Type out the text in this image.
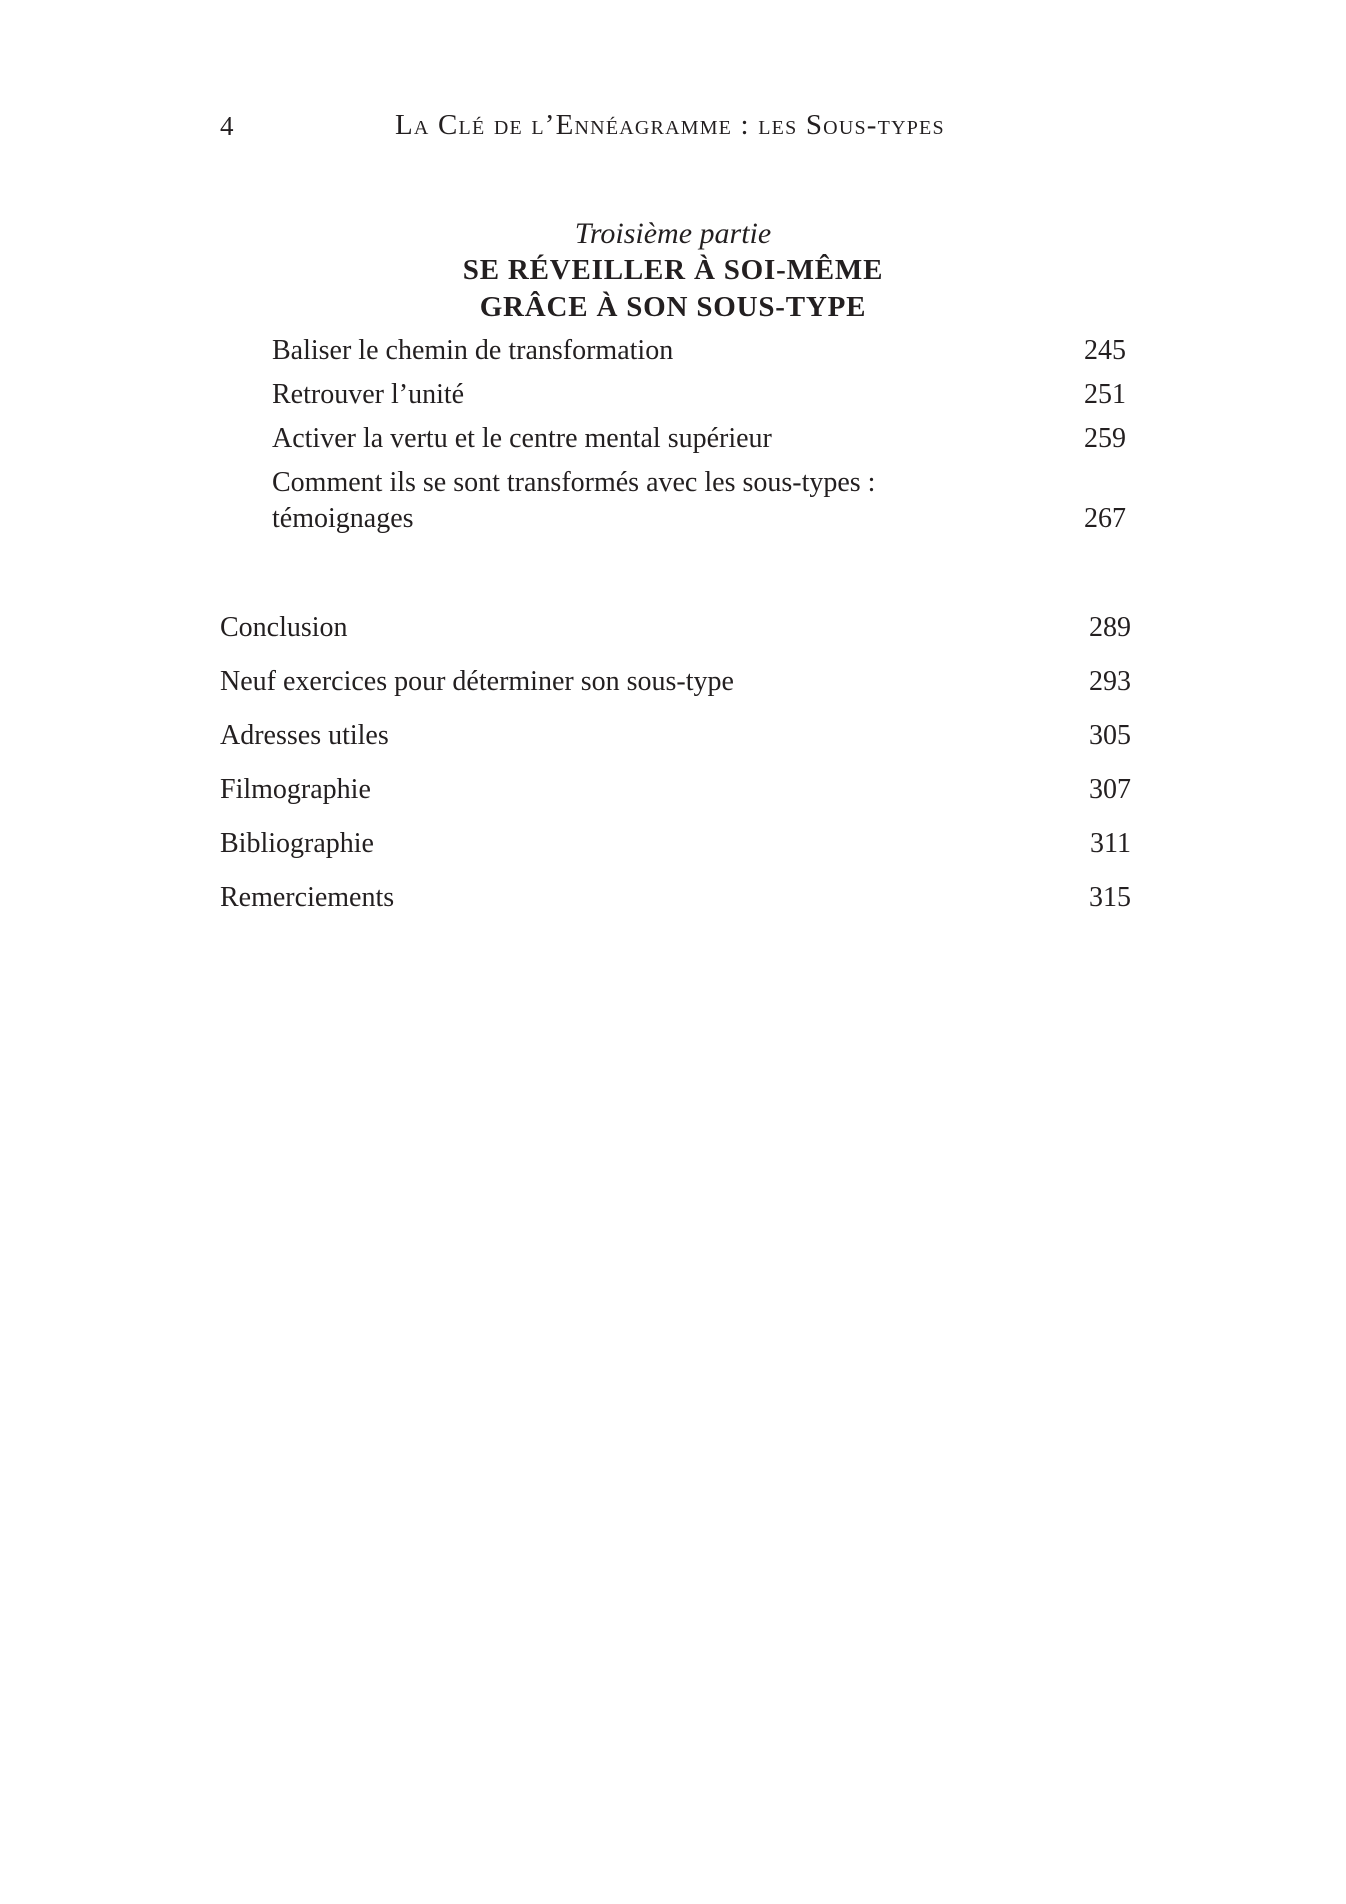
4	La Clé de l’Ennéagramme : les Sous-types
Troisième partie
SE RÉVEILLER À SOI-MÊME
GRÂCE À SON SOUS-TYPE
Baliser le chemin de transformation	245
Retrouver l’unité	251
Activer la vertu et le centre mental supérieur	259
Comment ils se sont transformés avec les sous-types : témoignages	267
Conclusion	289
Neuf exercices pour déterminer son sous-type	293
Adresses utiles	305
Filmographie	307
Bibliographie	311
Remerciements	315
